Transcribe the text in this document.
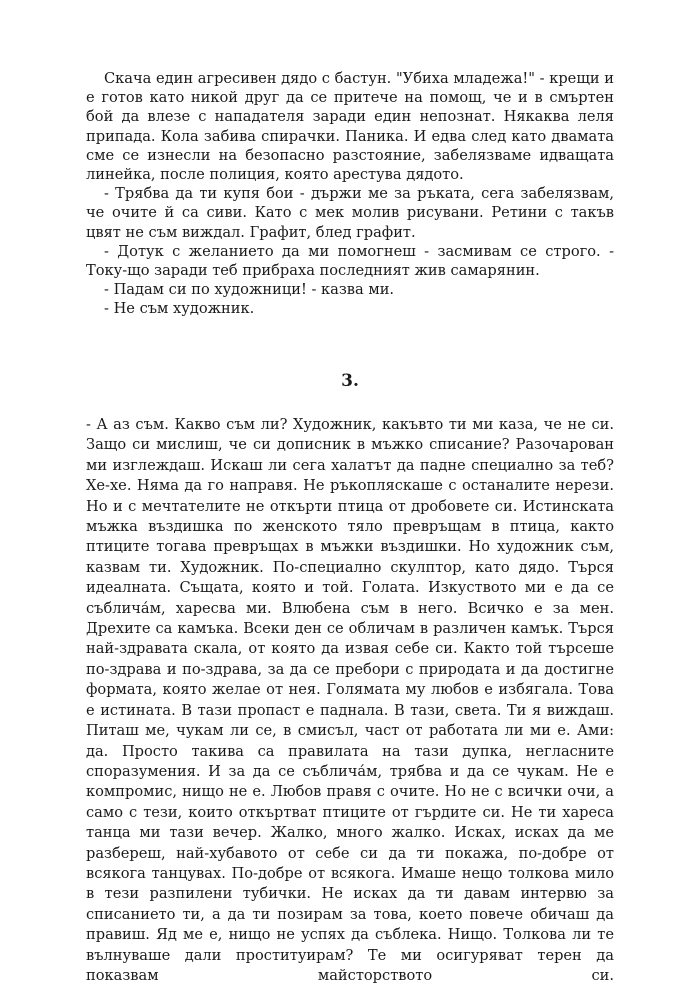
Скача един агресивен дядо с бастун. "Убиха младежа!" - крещи и е готов като никой друг да се притече на помощ, че и в смъртен бой да влезе с нападателя заради един непознат. Някаква леля припада. Кола забива спирачки. Паника. И едва след като двамата сме се изнесли на безопасно разстояние, забелязваме идващата линейка, после полиция, която арестува дядото.

- Трябва да ти купя бои - държи ме за ръката, сега забелязвам, че очите й са сиви. Като с мек молив рисувани. Ретини с такъв цвят не съм виждал. Графит, блед графит.

- Дотук с желанието да ми помогнеш - засмивам се строго. - Току-що заради теб прибраха последният жив самарянин.

- Падам си по художници! - казва ми.

- Не съм художник.

3.

- А аз съм. Какво съм ли? Художник, какъвто ти ми каза, че не си. Защо си мислиш, че си дописник в мъжко списание? Разочарован ми изглеждаш. Искаш ли сега халатът да падне специално за теб? Хе-хе. Няма да го направя. Не ръкопляскаше с останалите нерези. Но и с мечтателите не откърти птица от дробовете си. Истинската мъжка въздишка по женското тяло превръщам в птица, както птиците тогава превръщах в мъжки въздишки. Но художник съм, казвам ти. Художник. По-специално скулптор, като дядо. Търся идеалната. Същата, която и той. Голата. Изкуството ми е да се съблича́м, харесва ми. Влюбена съм в него. Всичко е за мен. Дрехите са камъка. Всеки ден се обличам в различен камък. Търся най-здравата скала, от която да извая себе си. Както той търсеше по-здрава и по-здрава, за да се пребори с природата и да достигне формата, която желае от нея. Голямата му любов е избягала. Това е истината. В тази пропаст е паднала. В тази, света. Ти я виждаш. Питаш ме, чукам ли се, в смисъл, част от работата ли ми е. Ами: да. Просто такива са правилата на тази дупка, негласните споразумения. И за да се съблича́м, трябва и да се чукам. Не е компромис, нищо не е. Любов правя с очите. Но не с всички очи, а само с тези, които откъртват птиците от гърдите си. Не ти хареса танца ми тази вечер. Жалко, много жалко. Исках, исках да ме разбереш, най-хубавото от себе си да ти покажа, по-добре от всякога танцувах. По-добре от всякога. Имаше нещо толкова мило в тези разпилени тубички. Не исках да ти давам интервю за списанието ти, а да ти позирам за това, което повече обичаш да правиш. Яд ме е, нищо не успях да съблека. Нищо. Толкова ли те вълнуваше дали проституирам? Те ми осигуряват терен да показвам майсторството си.
